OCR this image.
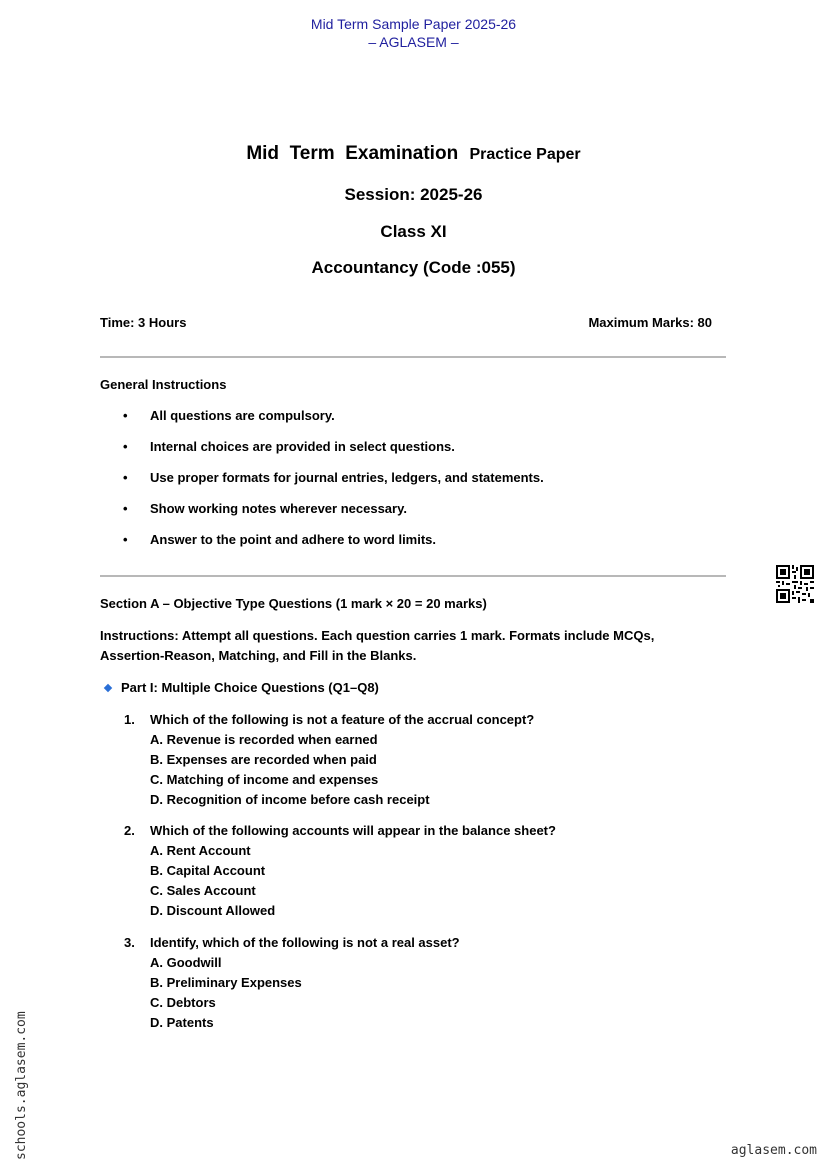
Mid Term Sample Paper 2025-26
– AGLASEM –
Mid  Term  Examination Practice Paper
Session: 2025-26
Class XI
Accountancy (Code :055)
Time: 3 Hours	Maximum Marks: 80
General Instructions
• All questions are compulsory.
• Internal choices are provided in select questions.
• Use proper formats for journal entries, ledgers, and statements.
• Show working notes wherever necessary.
• Answer to the point and adhere to word limits.
Section A – Objective Type Questions (1 mark × 20 = 20 marks)
Instructions: Attempt all questions. Each question carries 1 mark. Formats include MCQs, Assertion-Reason, Matching, and Fill in the Blanks.
Part I: Multiple Choice Questions (Q1–Q8)
1. Which of the following is not a feature of the accrual concept?
A. Revenue is recorded when earned
B. Expenses are recorded when paid
C. Matching of income and expenses
D. Recognition of income before cash receipt
2. Which of the following accounts will appear in the balance sheet?
A. Rent Account
B. Capital Account
C. Sales Account
D. Discount Allowed
3. Identify, which of the following is not a real asset?
A. Goodwill
B. Preliminary Expenses
C. Debtors
D. Patents
schools.aglasem.com	aglasem.com
